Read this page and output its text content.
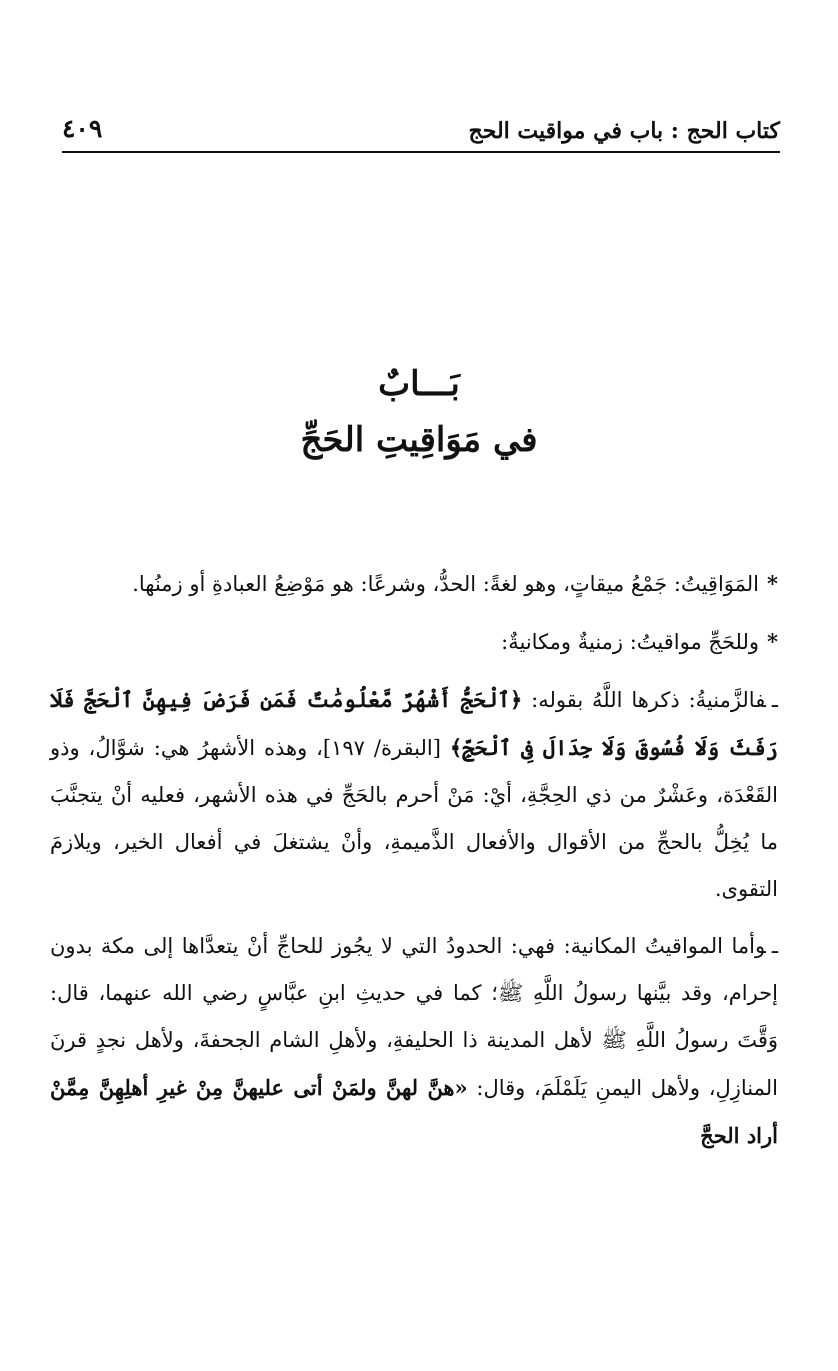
كتاب الحج : باب في مواقيت الحج
٤٠٩
بَـــابٌ
في مَوَاقِيتِ الحَجِّ

*المَوَاقِيتُ: جَمْعُ ميقاتٍ، وهو لغةً: الحدُّ، وشرعًا: هو مَوْضِعُ العبادةِ أو زمنُها.

*وللحَجِّ مواقيتُ: زمنيةٌ ومكانيةٌ:

ـفالزَّمنيةُ: ذكرها اللَّهُ بقوله: ﴿ٱلْحَجُّ أَشْهُرٌ مَّعْلُومَٰتٌ فَمَن فَرَضَ فِيهِنَّ ٱلْحَجَّ فَلَا رَفَثَ وَلَا فُسُوقَ وَلَا جِدَالَ فِى ٱلْحَجِّ﴾ [البقرة/ ١٩٧]، وهذه الأشهرُ هي: شوَّالُ، وذو القَعْدَة، وعَشْرٌ من ذي الحِجَّةِ، أيْ: مَنْ أحرم بالحَجِّ في هذه الأشهر، فعليه أنْ يتجنَّبَ ما يُخِلُّ بالحجِّ من الأقوال والأفعال الذَّميمةِ، وأنْ يشتغلَ في أفعال الخير، ويلازمَ التقوى.

ـوأما المواقيتُ المكانية: فهي: الحدودُ التي لا يجُوز للحاجِّ أنْ يتعدَّاها إلى مكة بدون إحرام، وقد بيَّنها رسولُ اللَّهِ ﷺ؛ كما في حديثِ ابنِ عبَّاسٍ رضي الله عنهما، قال: وَقَّتَ رسولُ اللَّهِ ﷺ لأهل المدينة ذا الحليفةِ، ولأهلِ الشام الجحفةَ، ولأهل نجدٍ قرنَ المنازِلِ، ولأهل اليمنِ يَلَمْلَمَ، وقال: «هنَّ لهنَّ ولمَنْ أتى عليهنَّ مِنْ غيرِ أهلِهِنَّ مِمَّنْ أراد الحجَّ
